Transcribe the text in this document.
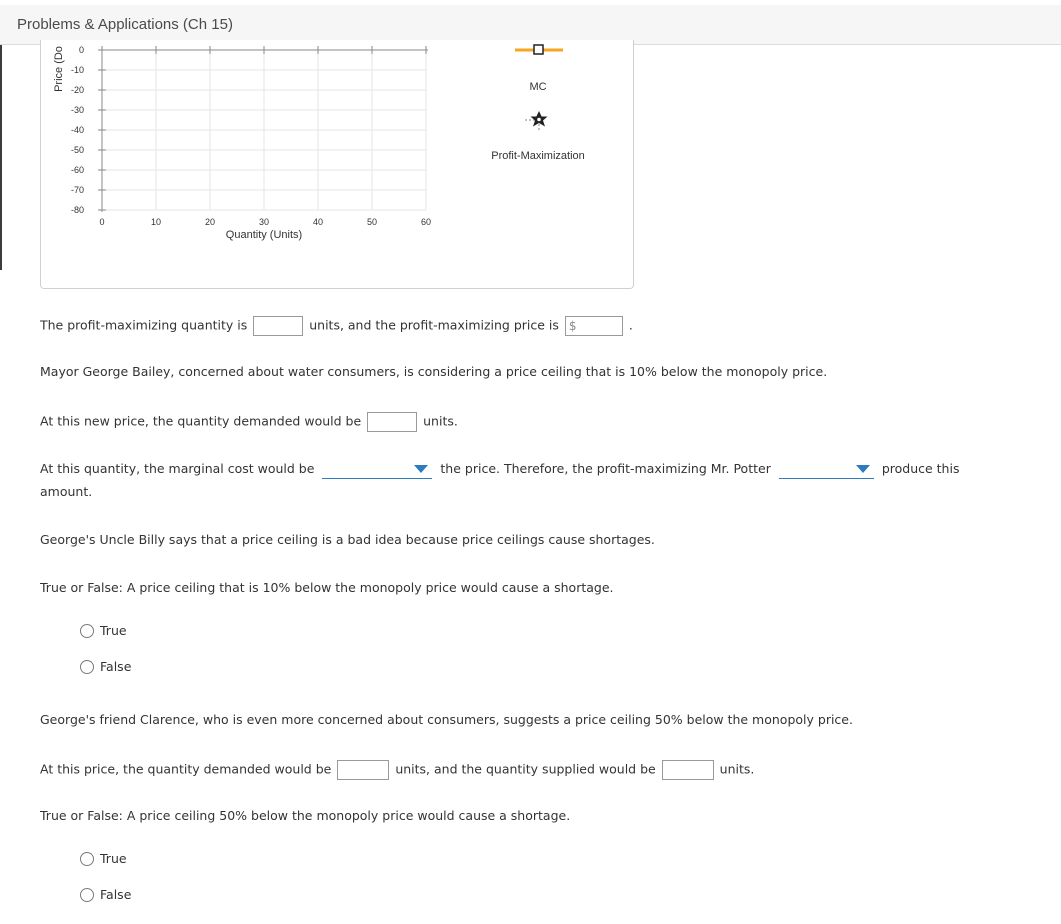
Problems & Applications (Ch 15)
Price (Do 0
-10
-20
-30
-40
-50
-60
-70
-80
0	10	20	30	40	50	60
Quantity (Units)
MC
Profit-Maximization
The profit-maximizing quantity is	units, and the profit-maximizing price is $	.
Mayor George Bailey, concerned about water consumers, is considering a price ceiling that is 10% below the monopoly price.
At this new price, the quantity demanded would be	units.
At this quantity, the marginal cost would be	the price. Therefore, the profit-maximizing Mr. Potter	produce this
amount.
George's Uncle Billy says that a price ceiling is a bad idea because price ceilings cause shortages.
True or False: A price ceiling that is 10% below the monopoly price would cause a shortage.
True
False
George's friend Clarence, who is even more concerned about consumers, suggests a price ceiling 50% below the monopoly price.
At this price, the quantity demanded would be	units, and the quantity supplied would be	units.
True or False: A price ceiling 50% below the monopoly price would cause a shortage.
True
False
